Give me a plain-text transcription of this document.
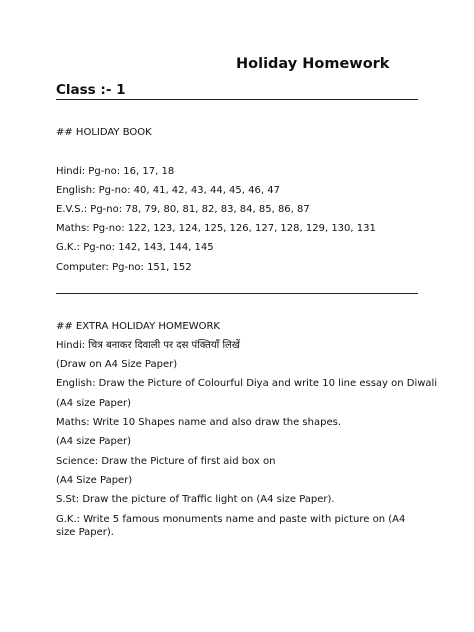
Holiday Homework
Class :- 1
## HOLIDAY BOOK
Hindi: Pg-no: 16, 17, 18
English: Pg-no: 40, 41, 42, 43, 44, 45, 46, 47
E.V.S.: Pg-no: 78, 79, 80, 81, 82, 83, 84, 85, 86, 87
Maths: Pg-no: 122, 123, 124, 125, 126, 127, 128, 129, 130, 131
G.K.: Pg-no: 142, 143, 144, 145
Computer: Pg-no: 151, 152
## EXTRA HOLIDAY HOMEWORK
Hindi: चित्र बनाकर दिवाली पर दस पंक्तियाँ लिखें
(Draw on A4 Size Paper)
English: Draw the Picture of Colourful Diya and write 10 line essay on Diwali
(A4 size Paper)
Maths: Write 10 Shapes name and also draw the shapes.
(A4 size Paper)
Science: Draw the Picture of first aid box on
(A4 Size Paper)
S.St: Draw the picture of Traffic light on (A4 size Paper).
G.K.: Write 5 famous monuments name and paste with picture on (A4 size Paper).
